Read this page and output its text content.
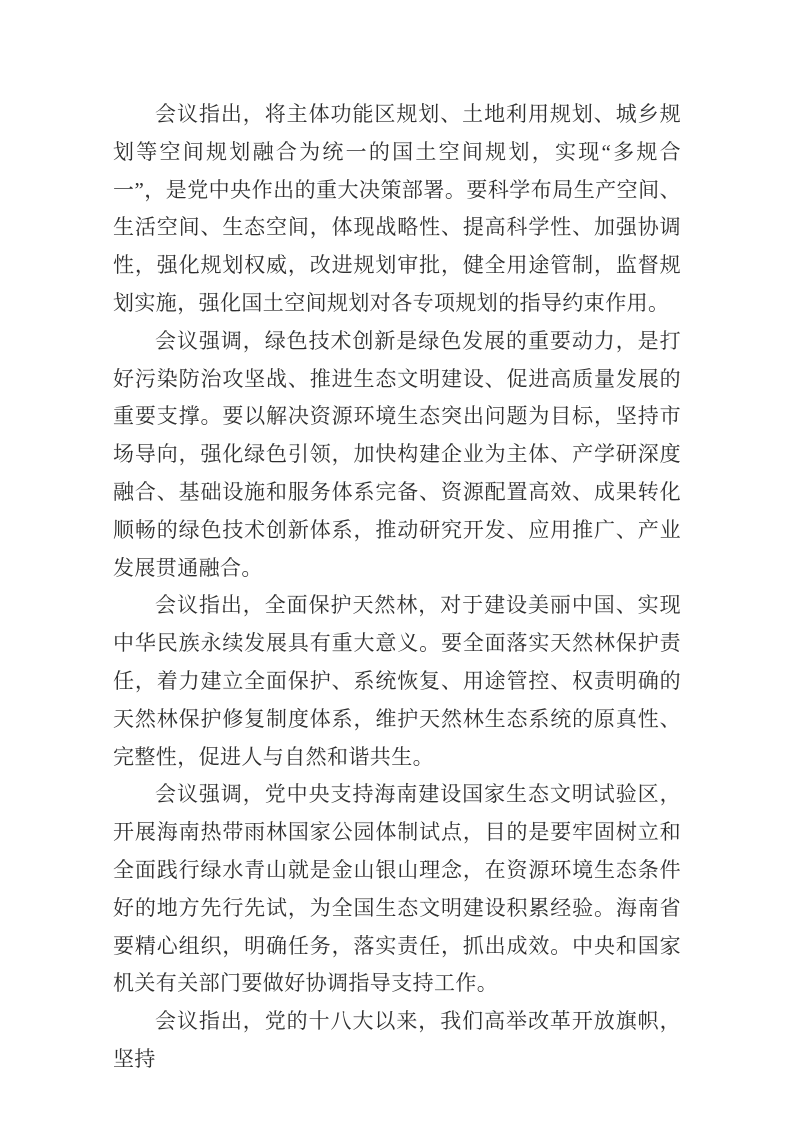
会议指出，将主体功能区规划、土地利用规划、城乡规划等空间规划融合为统一的国土空间规划，实现“多规合一”，是党中央作出的重大决策部署。要科学布局生产空间、生活空间、生态空间，体现战略性、提高科学性、加强协调性，强化规划权威，改进规划审批，健全用途管制，监督规划实施，强化国土空间规划对各专项规划的指导约束作用。

会议强调，绿色技术创新是绿色发展的重要动力，是打好污染防治攻坚战、推进生态文明建设、促进高质量发展的重要支撑。要以解决资源环境生态突出问题为目标，坚持市场导向，强化绿色引领，加快构建企业为主体、产学研深度融合、基础设施和服务体系完备、资源配置高效、成果转化顺畅的绿色技术创新体系，推动研究开发、应用推广、产业发展贯通融合。

会议指出，全面保护天然林，对于建设美丽中国、实现中华民族永续发展具有重大意义。要全面落实天然林保护责任，着力建立全面保护、系统恢复、用途管控、权责明确的天然林保护修复制度体系，维护天然林生态系统的原真性、完整性，促进人与自然和谐共生。

会议强调，党中央支持海南建设国家生态文明试验区，开展海南热带雨林国家公园体制试点，目的是要牢固树立和全面践行绿水青山就是金山银山理念，在资源环境生态条件好的地方先行先试，为全国生态文明建设积累经验。海南省要精心组织，明确任务，落实责任，抓出成效。中央和国家机关有关部门要做好协调指导支持工作。

会议指出，党的十八大以来，我们高举改革开放旗帜，坚持
